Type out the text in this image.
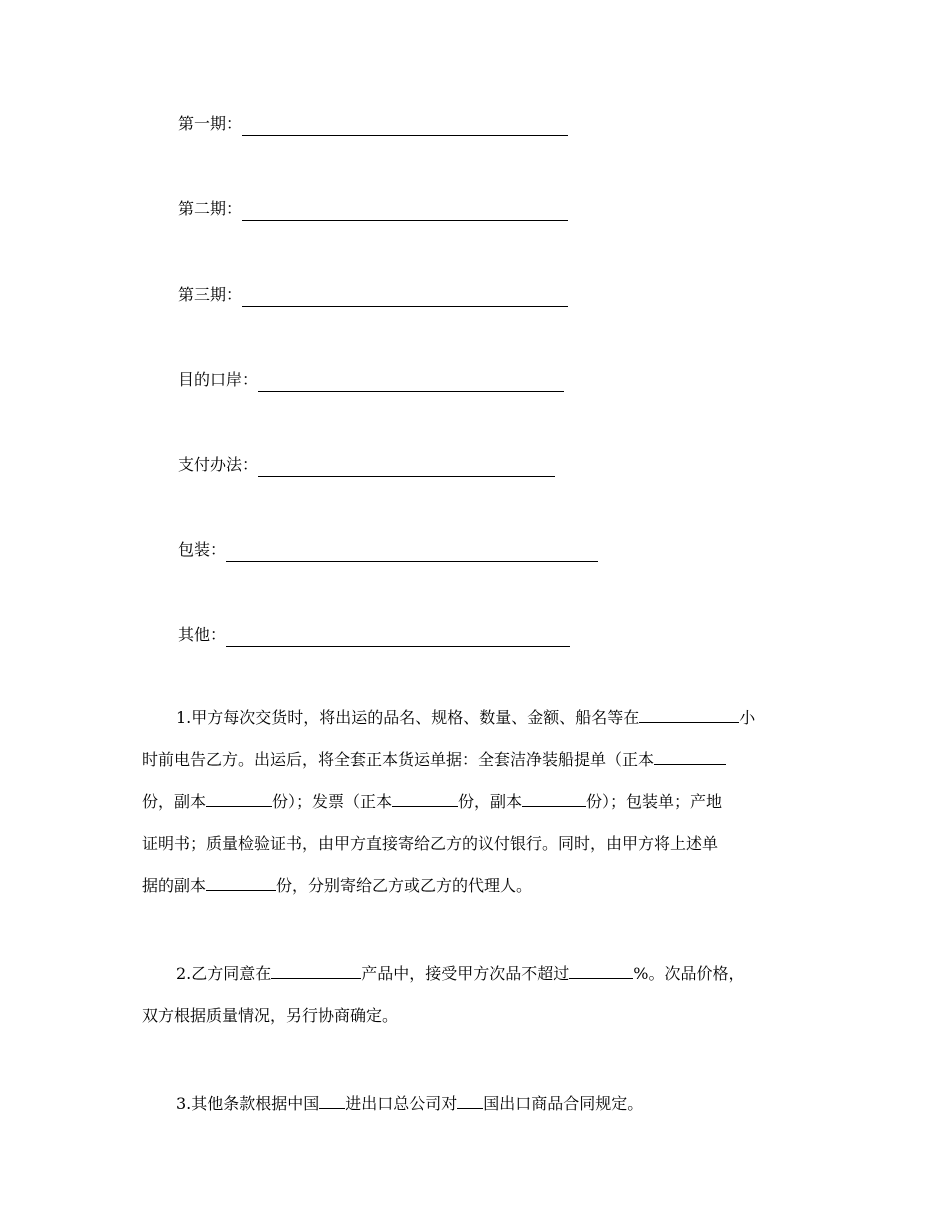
第一期：
第二期：
第三期：
目的口岸：
支付办法：
包装：
其他：
1.甲方每次交货时，将出运的品名、规格、数量、金额、船名等在	小
时前电告乙方。出运后，将全套正本货运单据：全套洁净装船提单（正本
份，副本	份）；发票（正本	份，副本	份）；包装单；产地
证明书；质量检验证书，由甲方直接寄给乙方的议付银行。同时，由甲方将上述单
据的副本	份，分别寄给乙方或乙方的代理人。
2.乙方同意在	产品中，接受甲方次品不超过	%。次品价格，
双方根据质量情况，另行协商确定。
3.其他条款根据中国 进出口总公司对 国出口商品合同规定。
